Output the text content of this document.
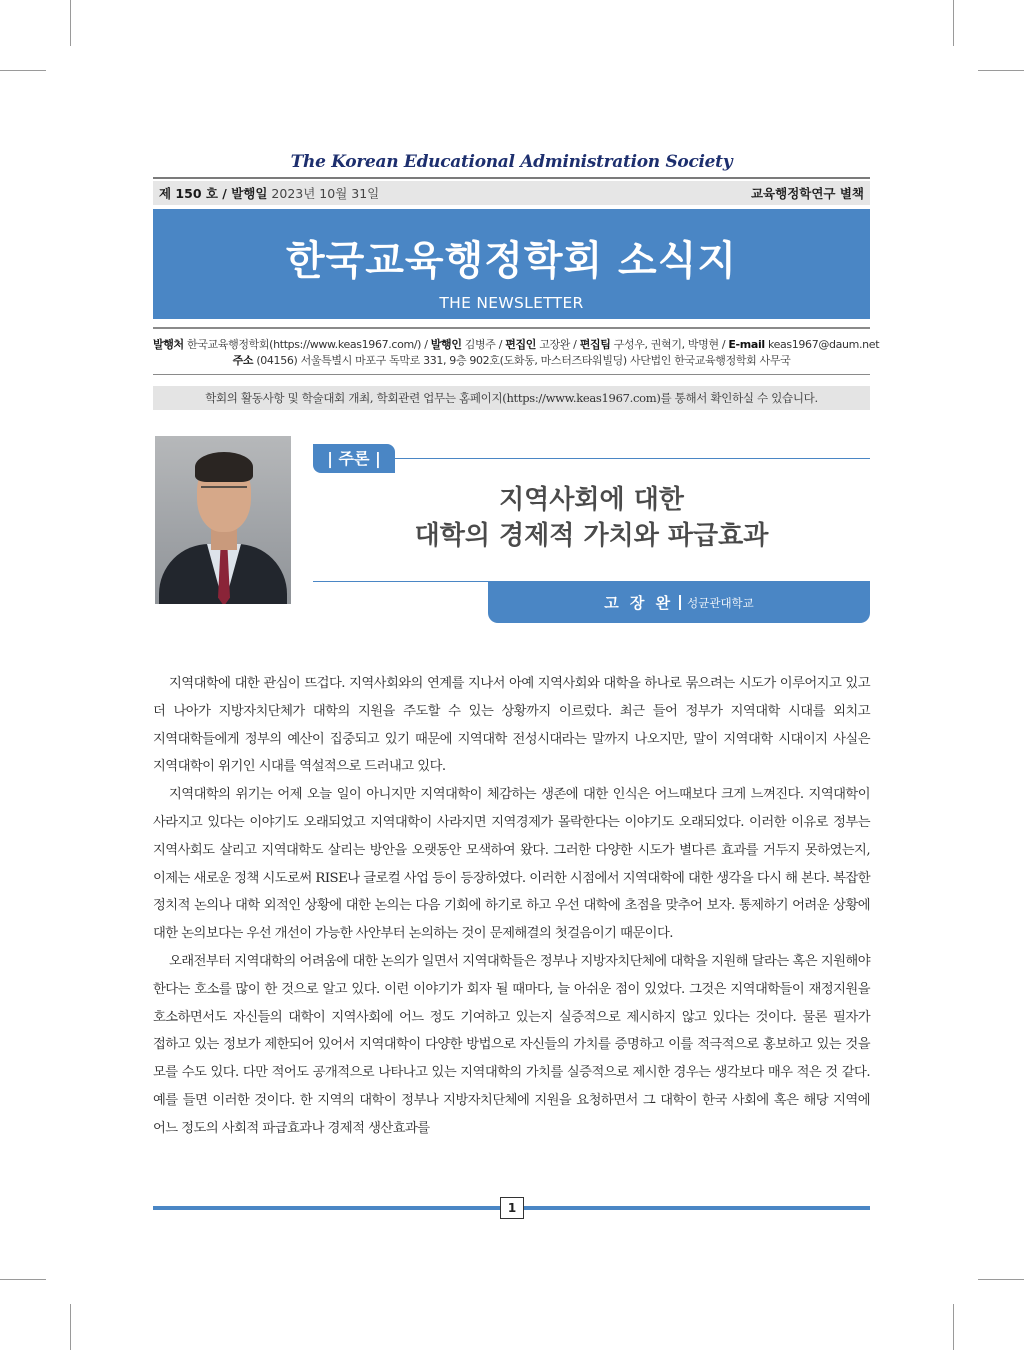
The Korean Educational Administration Society
제 150 호 / 발행일 2023년 10월 31일	교육행정학연구 별책
한국교육행정학회 소식지
THE NEWSLETTER
발행처 한국교육행정학회(https://www.keas1967.com/) / 발행인 김병주 / 편집인 고장완 / 편집팀 구성우, 권혁기, 박명현 / E-mail keas1967@daum.net
주소 (04156) 서울특별시 마포구 독막로 331, 9층 902호(도화동, 마스터즈타워빌딩) 사단법인 한국교육행정학회 사무국
학회의 활동사항 및 학술대회 개최, 학회관련 업무는 홈페이지(https://www.keas1967.com)를 통해서 확인하실 수 있습니다.
| 주론 |
지역사회에 대한
대학의 경제적 가치와 파급효과
고 장 완 성균관대학교

지역대학에 대한 관심이 뜨겁다. 지역사회와의 연계를 지나서 아예 지역사회와 대학을 하나로 묶으려는 시도가 이루어지고 있고 더 나아가 지방자치단체가 대학의 지원을 주도할 수 있는 상황까지 이르렀다. 최근 들어 정부가 지역대학 시대를 외치고 지역대학들에게 정부의 예산이 집중되고 있기 때문에 지역대학 전성시대라는 말까지 나오지만, 말이 지역대학 시대이지 사실은 지역대학이 위기인 시대를 역설적으로 드러내고 있다.

지역대학의 위기는 어제 오늘 일이 아니지만 지역대학이 체감하는 생존에 대한 인식은 어느때보다 크게 느껴진다. 지역대학이 사라지고 있다는 이야기도 오래되었고 지역대학이 사라지면 지역경제가 몰락한다는 이야기도 오래되었다. 이러한 이유로 정부는 지역사회도 살리고 지역대학도 살리는 방안을 오랫동안 모색하여 왔다. 그러한 다양한 시도가 별다른 효과를 거두지 못하였는지, 이제는 새로운 정책 시도로써 RISE나 글로컬 사업 등이 등장하였다. 이러한 시점에서 지역대학에 대한 생각을 다시 해 본다. 복잡한 정치적 논의나 대학 외적인 상황에 대한 논의는 다음 기회에 하기로 하고 우선 대학에 초점을 맞추어 보자. 통제하기 어려운 상황에 대한 논의보다는 우선 개선이 가능한 사안부터 논의하는 것이 문제해결의 첫걸음이기 때문이다.

오래전부터 지역대학의 어려움에 대한 논의가 일면서 지역대학들은 정부나 지방자치단체에 대학을 지원해 달라는 혹은 지원해야 한다는 호소를 많이 한 것으로 알고 있다. 이런 이야기가 회자 될 때마다, 늘 아쉬운 점이 있었다. 그것은 지역대학들이 재정지원을 호소하면서도 자신들의 대학이 지역사회에 어느 정도 기여하고 있는지 실증적으로 제시하지 않고 있다는 것이다. 물론 필자가 접하고 있는 정보가 제한되어 있어서 지역대학이 다양한 방법으로 자신들의 가치를 증명하고 이를 적극적으로 홍보하고 있는 것을 모를 수도 있다. 다만 적어도 공개적으로 나타나고 있는 지역대학의 가치를 실증적으로 제시한 경우는 생각보다 매우 적은 것 같다. 예를 들면 이러한 것이다. 한 지역의 대학이 정부나 지방자치단체에 지원을 요청하면서 그 대학이 한국 사회에 혹은 해당 지역에 어느 정도의 사회적 파급효과나 경제적 생산효과를

1
